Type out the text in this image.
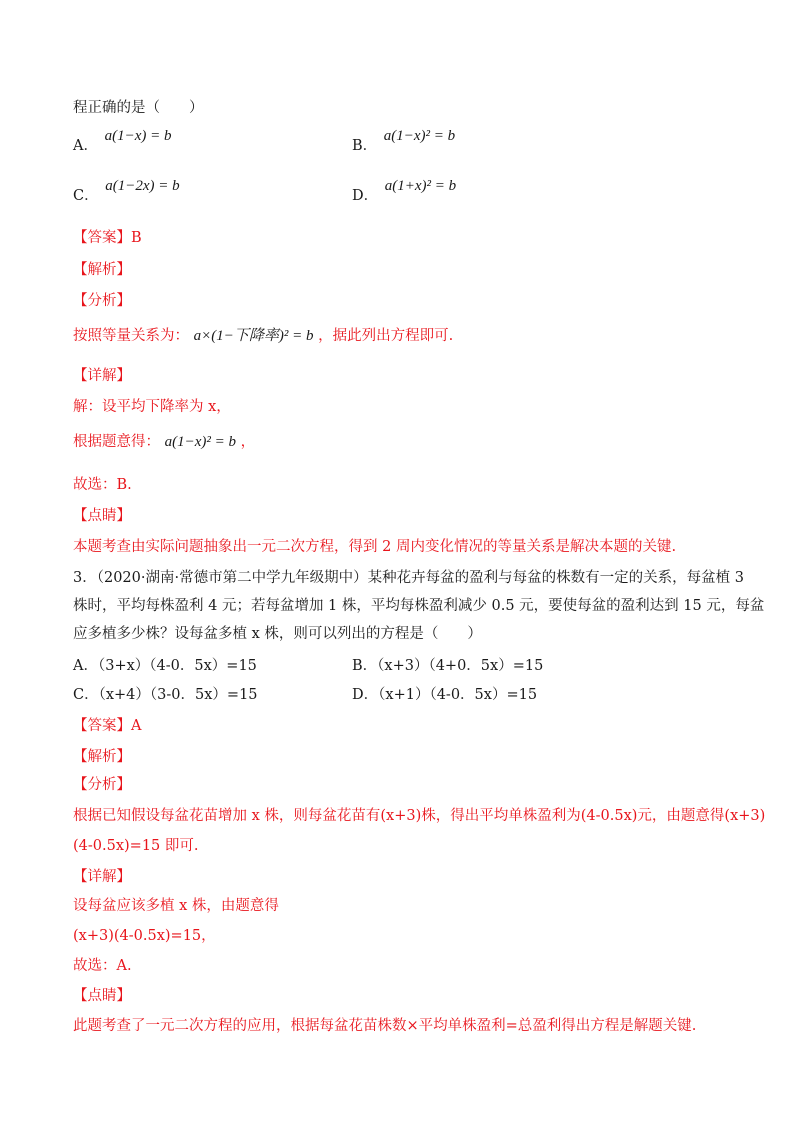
程正确的是（　　）
A． a(1−x) = b
B． a(1−x)² = b
C． a(1−2x) = b
D． a(1+x)² = b
【答案】B
【解析】
【分析】
按照等量关系为： a×(1−下降率)² = b ，据此列出方程即可.
【详解】
解：设平均下降率为 x，
根据题意得： a(1−x)² = b ，
故选：B.
【点睛】
本题考查由实际问题抽象出一元二次方程，得到 2 周内变化情况的等量关系是解决本题的关键.
3．（2020·湖南·常德市第二中学九年级期中）某种花卉每盆的盈利与每盆的株数有一定的关系，每盆植 3
株时，平均每株盈利 4 元；若每盆增加 1 株，平均每株盈利减少 0.5 元，要使每盆的盈利达到 15 元，每盆
应多植多少株？设每盆多植 x 株，则可以列出的方程是（　　）
A．（3+x）（4-0．5x）=15	B．（x+3）（4+0．5x）=15
C．（x+4）（3-0．5x）=15	D．（x+1）（4-0．5x）=15
【答案】A
【解析】
【分析】
根据已知假设每盆花苗增加 x 株，则每盆花苗有(x+3)株，得出平均单株盈利为(4-0.5x)元，由题意得(x+3)
(4-0.5x)=15 即可.
【详解】
设每盆应该多植 x 株，由题意得
(x+3)(4-0.5x)=15，
故选：A.
【点睛】
此题考查了一元二次方程的应用，根据每盆花苗株数×平均单株盈利=总盈利得出方程是解题关键.
